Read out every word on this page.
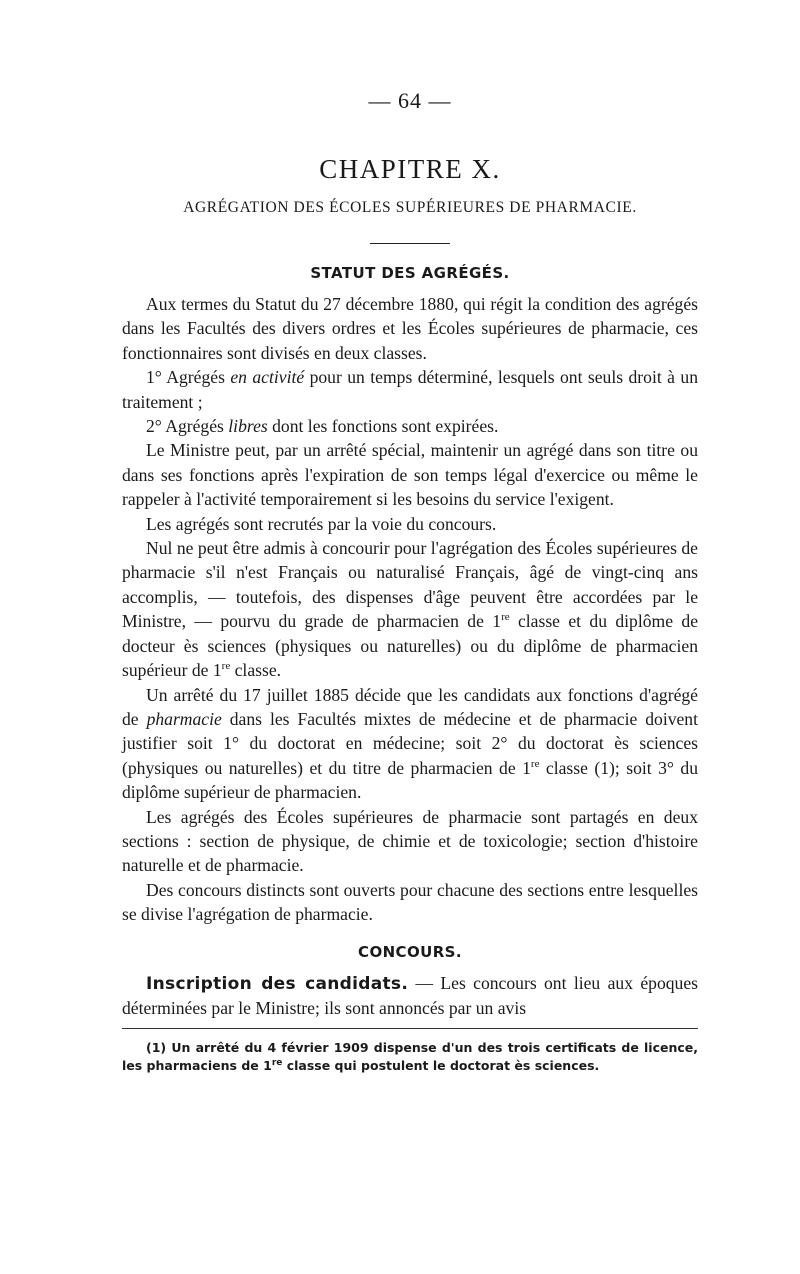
— 64 —
CHAPITRE X.
AGRÉGATION DES ÉCOLES SUPÉRIEURES DE PHARMACIE.
STATUT DES AGRÉGÉS.

Aux termes du Statut du 27 décembre 1880, qui régit la condition des agrégés dans les Facultés des divers ordres et les Écoles supérieures de pharmacie, ces fonctionnaires sont divisés en deux classes.

1° Agrégés en activité pour un temps déterminé, lesquels ont seuls droit à un traitement ;

2° Agrégés libres dont les fonctions sont expirées.

Le Ministre peut, par un arrêté spécial, maintenir un agrégé dans son titre ou dans ses fonctions après l'expiration de son temps légal d'exercice ou même le rappeler à l'activité temporairement si les besoins du service l'exigent.

Les agrégés sont recrutés par la voie du concours.

Nul ne peut être admis à concourir pour l'agrégation des Écoles supérieures de pharmacie s'il n'est Français ou naturalisé Français, âgé de vingt-cinq ans accomplis, — toutefois, des dispenses d'âge peuvent être accordées par le Ministre, — pourvu du grade de pharmacien de 1re classe et du diplôme de docteur ès sciences (physiques ou naturelles) ou du diplôme de pharmacien supérieur de 1re classe.

Un arrêté du 17 juillet 1885 décide que les candidats aux fonctions d'agrégé de pharmacie dans les Facultés mixtes de médecine et de pharmacie doivent justifier soit 1° du doctorat en médecine; soit 2° du doctorat ès sciences (physiques ou naturelles) et du titre de pharmacien de 1re classe (1); soit 3° du diplôme supérieur de pharmacien.

Les agrégés des Écoles supérieures de pharmacie sont partagés en deux sections : section de physique, de chimie et de toxicologie; section d'histoire naturelle et de pharmacie.

Des concours distincts sont ouverts pour chacune des sections entre lesquelles se divise l'agrégation de pharmacie.

CONCOURS.

Inscription des candidats. — Les concours ont lieu aux époques déterminées par le Ministre; ils sont annoncés par un avis

(1) Un arrêté du 4 février 1909 dispense d'un des trois certificats de licence, les pharmaciens de 1re classe qui postulent le doctorat ès sciences.
